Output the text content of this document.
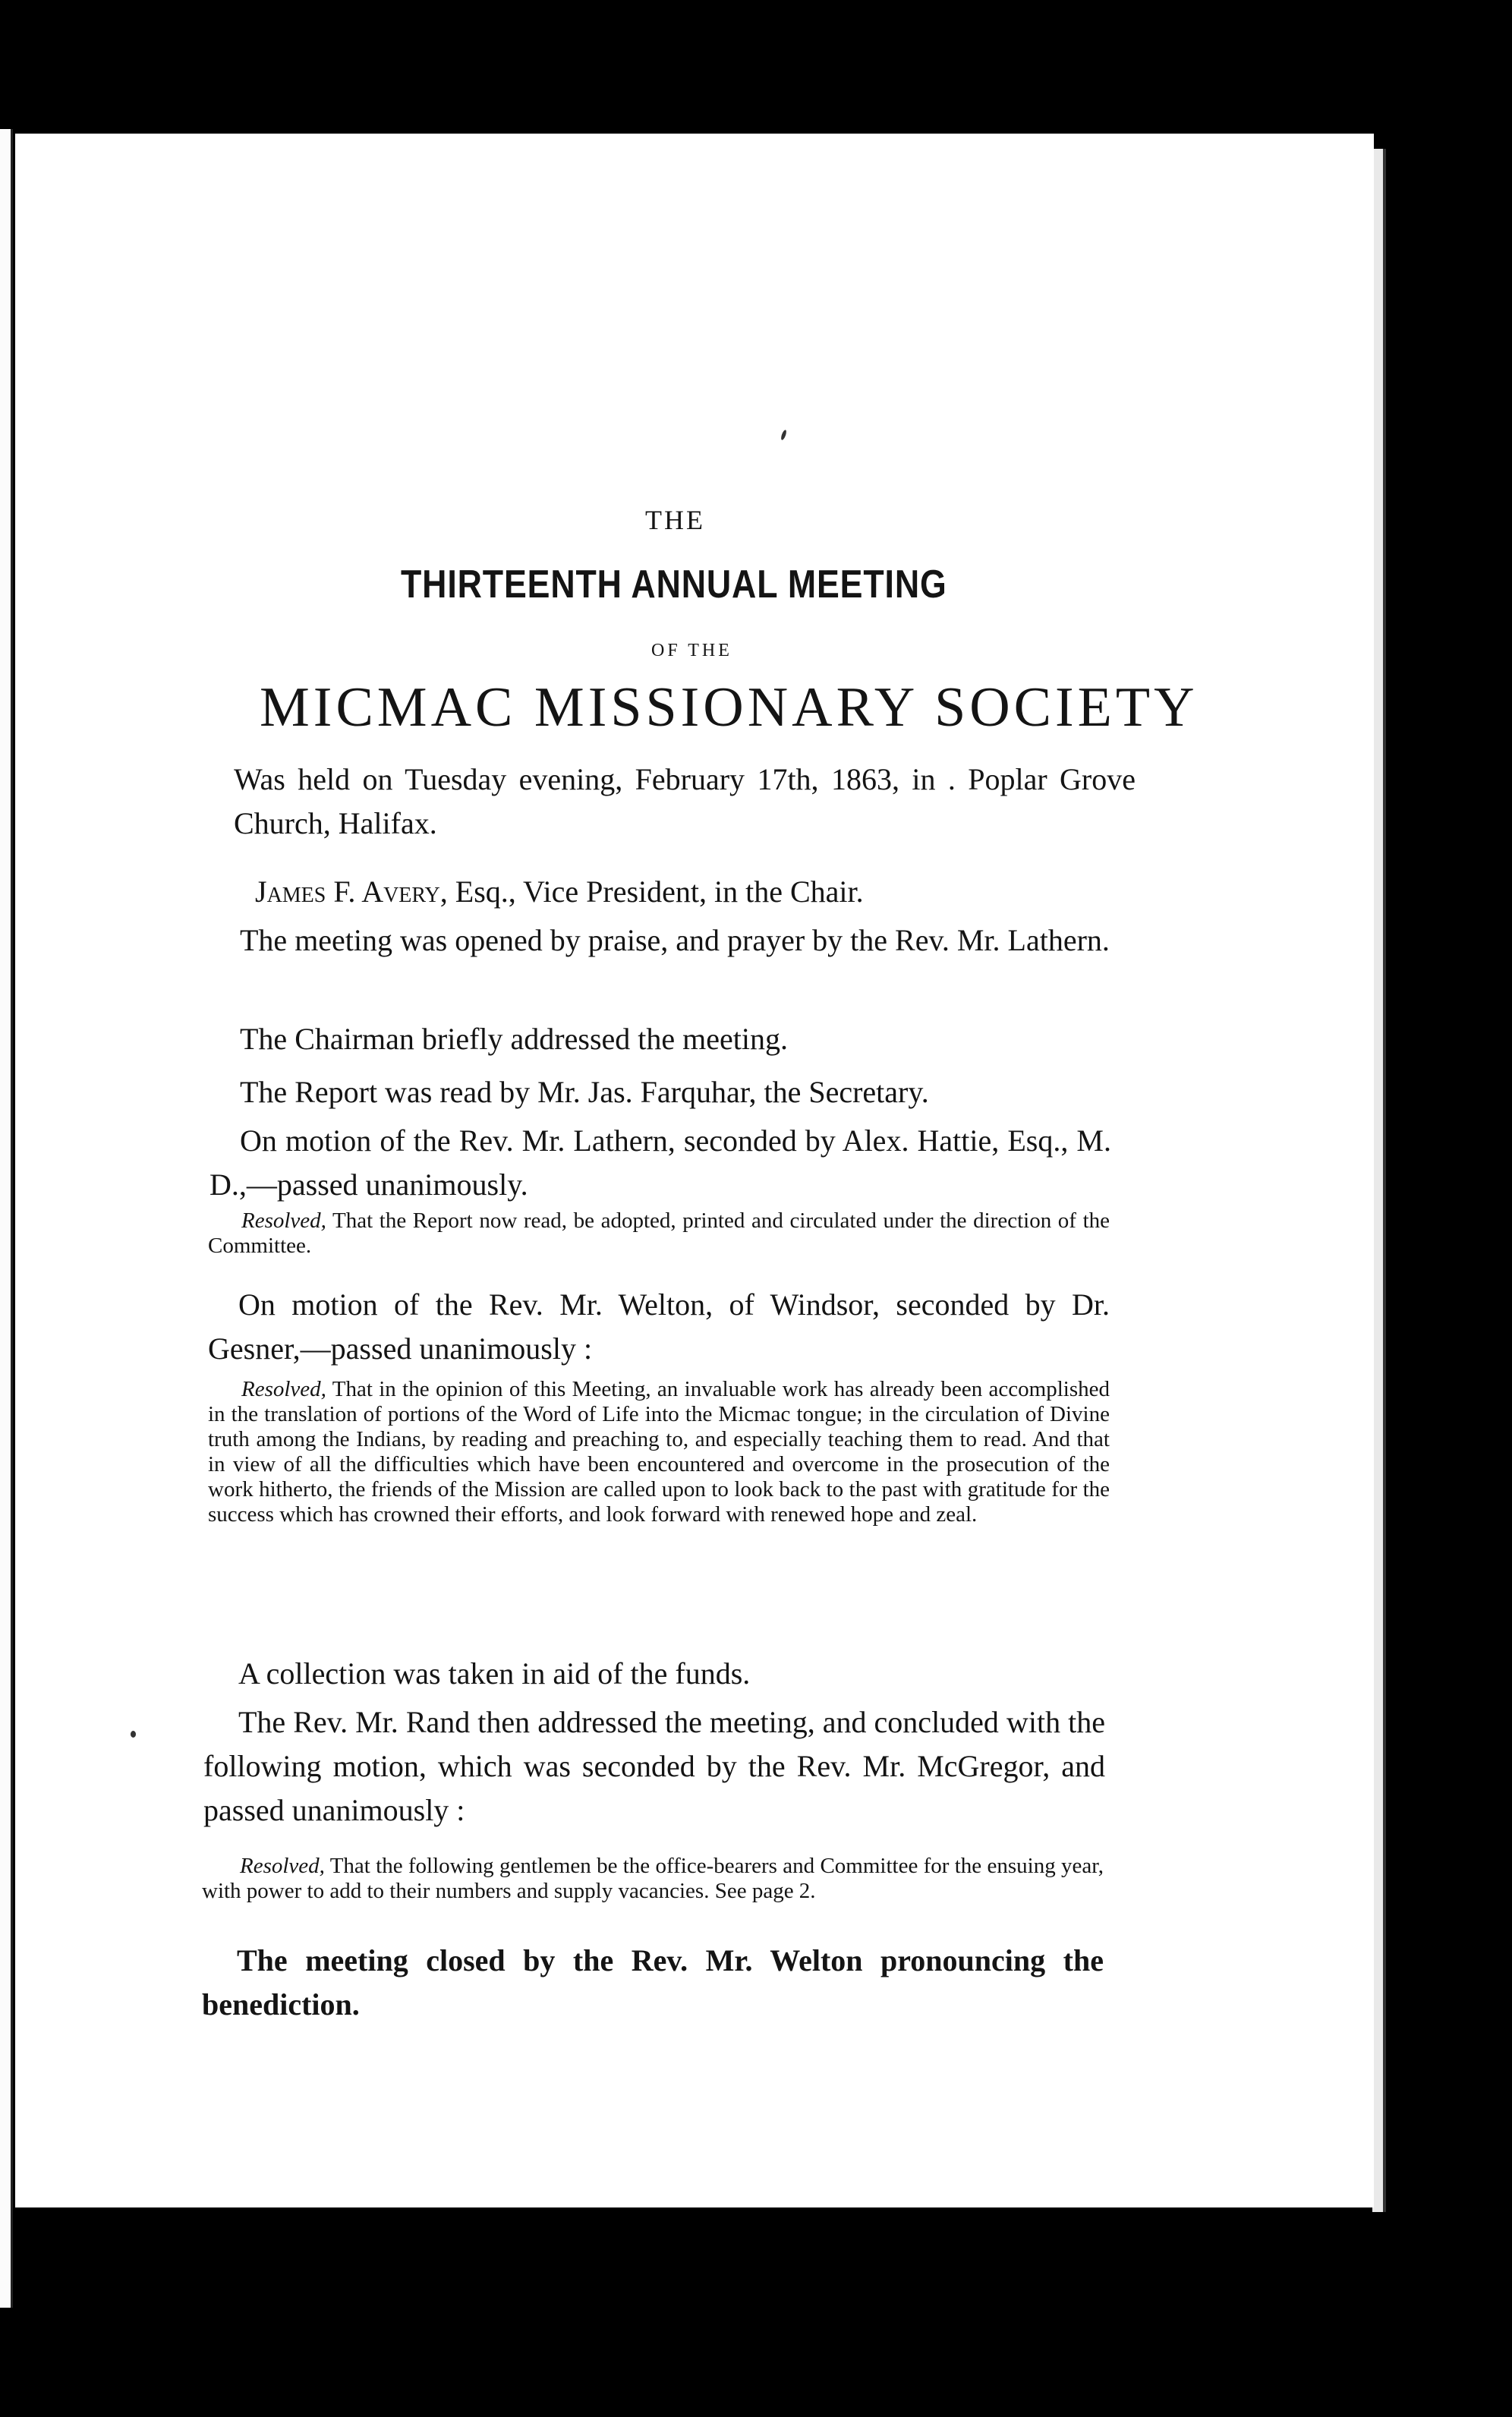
THE
THIRTEENTH ANNUAL MEETING
OF THE
MICMAC MISSIONARY SOCIETY

Was held on Tuesday evening, February 17th, 1863, in . Poplar Grove Church, Halifax.

James F. Avery, Esq., Vice President, in the Chair.

The meeting was opened by praise, and prayer by the Rev. Mr. Lathern.

The Chairman briefly addressed the meeting.

The Report was read by Mr. Jas. Farquhar, the Secretary.

On motion of the Rev. Mr. Lathern, seconded by Alex. Hattie, Esq., M. D.,—passed unanimously.

Resolved, That the Report now read, be adopted, printed and circulated under the direction of the Committee.

On motion of the Rev. Mr. Welton, of Windsor, seconded by Dr. Gesner,—passed unanimously :

Resolved, That in the opinion of this Meeting, an invaluable work has already been accomplished in the translation of portions of the Word of Life into the Micmac tongue; in the circulation of Divine truth among the Indians, by reading and preaching to, and especially teaching them to read. And that in view of all the difficulties which have been encountered and overcome in the prosecution of the work hitherto, the friends of the Mission are called upon to look back to the past with gratitude for the success which has crowned their efforts, and look forward with renewed hope and zeal.

A collection was taken in aid of the funds.

The Rev. Mr. Rand then addressed the meeting, and concluded with the following motion, which was seconded by the Rev. Mr. McGregor, and passed unanimously :

Resolved, That the following gentlemen be the office-bearers and Committee for the ensuing year, with power to add to their numbers and supply vacancies. See page 2.

The meeting closed by the Rev. Mr. Welton pronouncing the benediction.
